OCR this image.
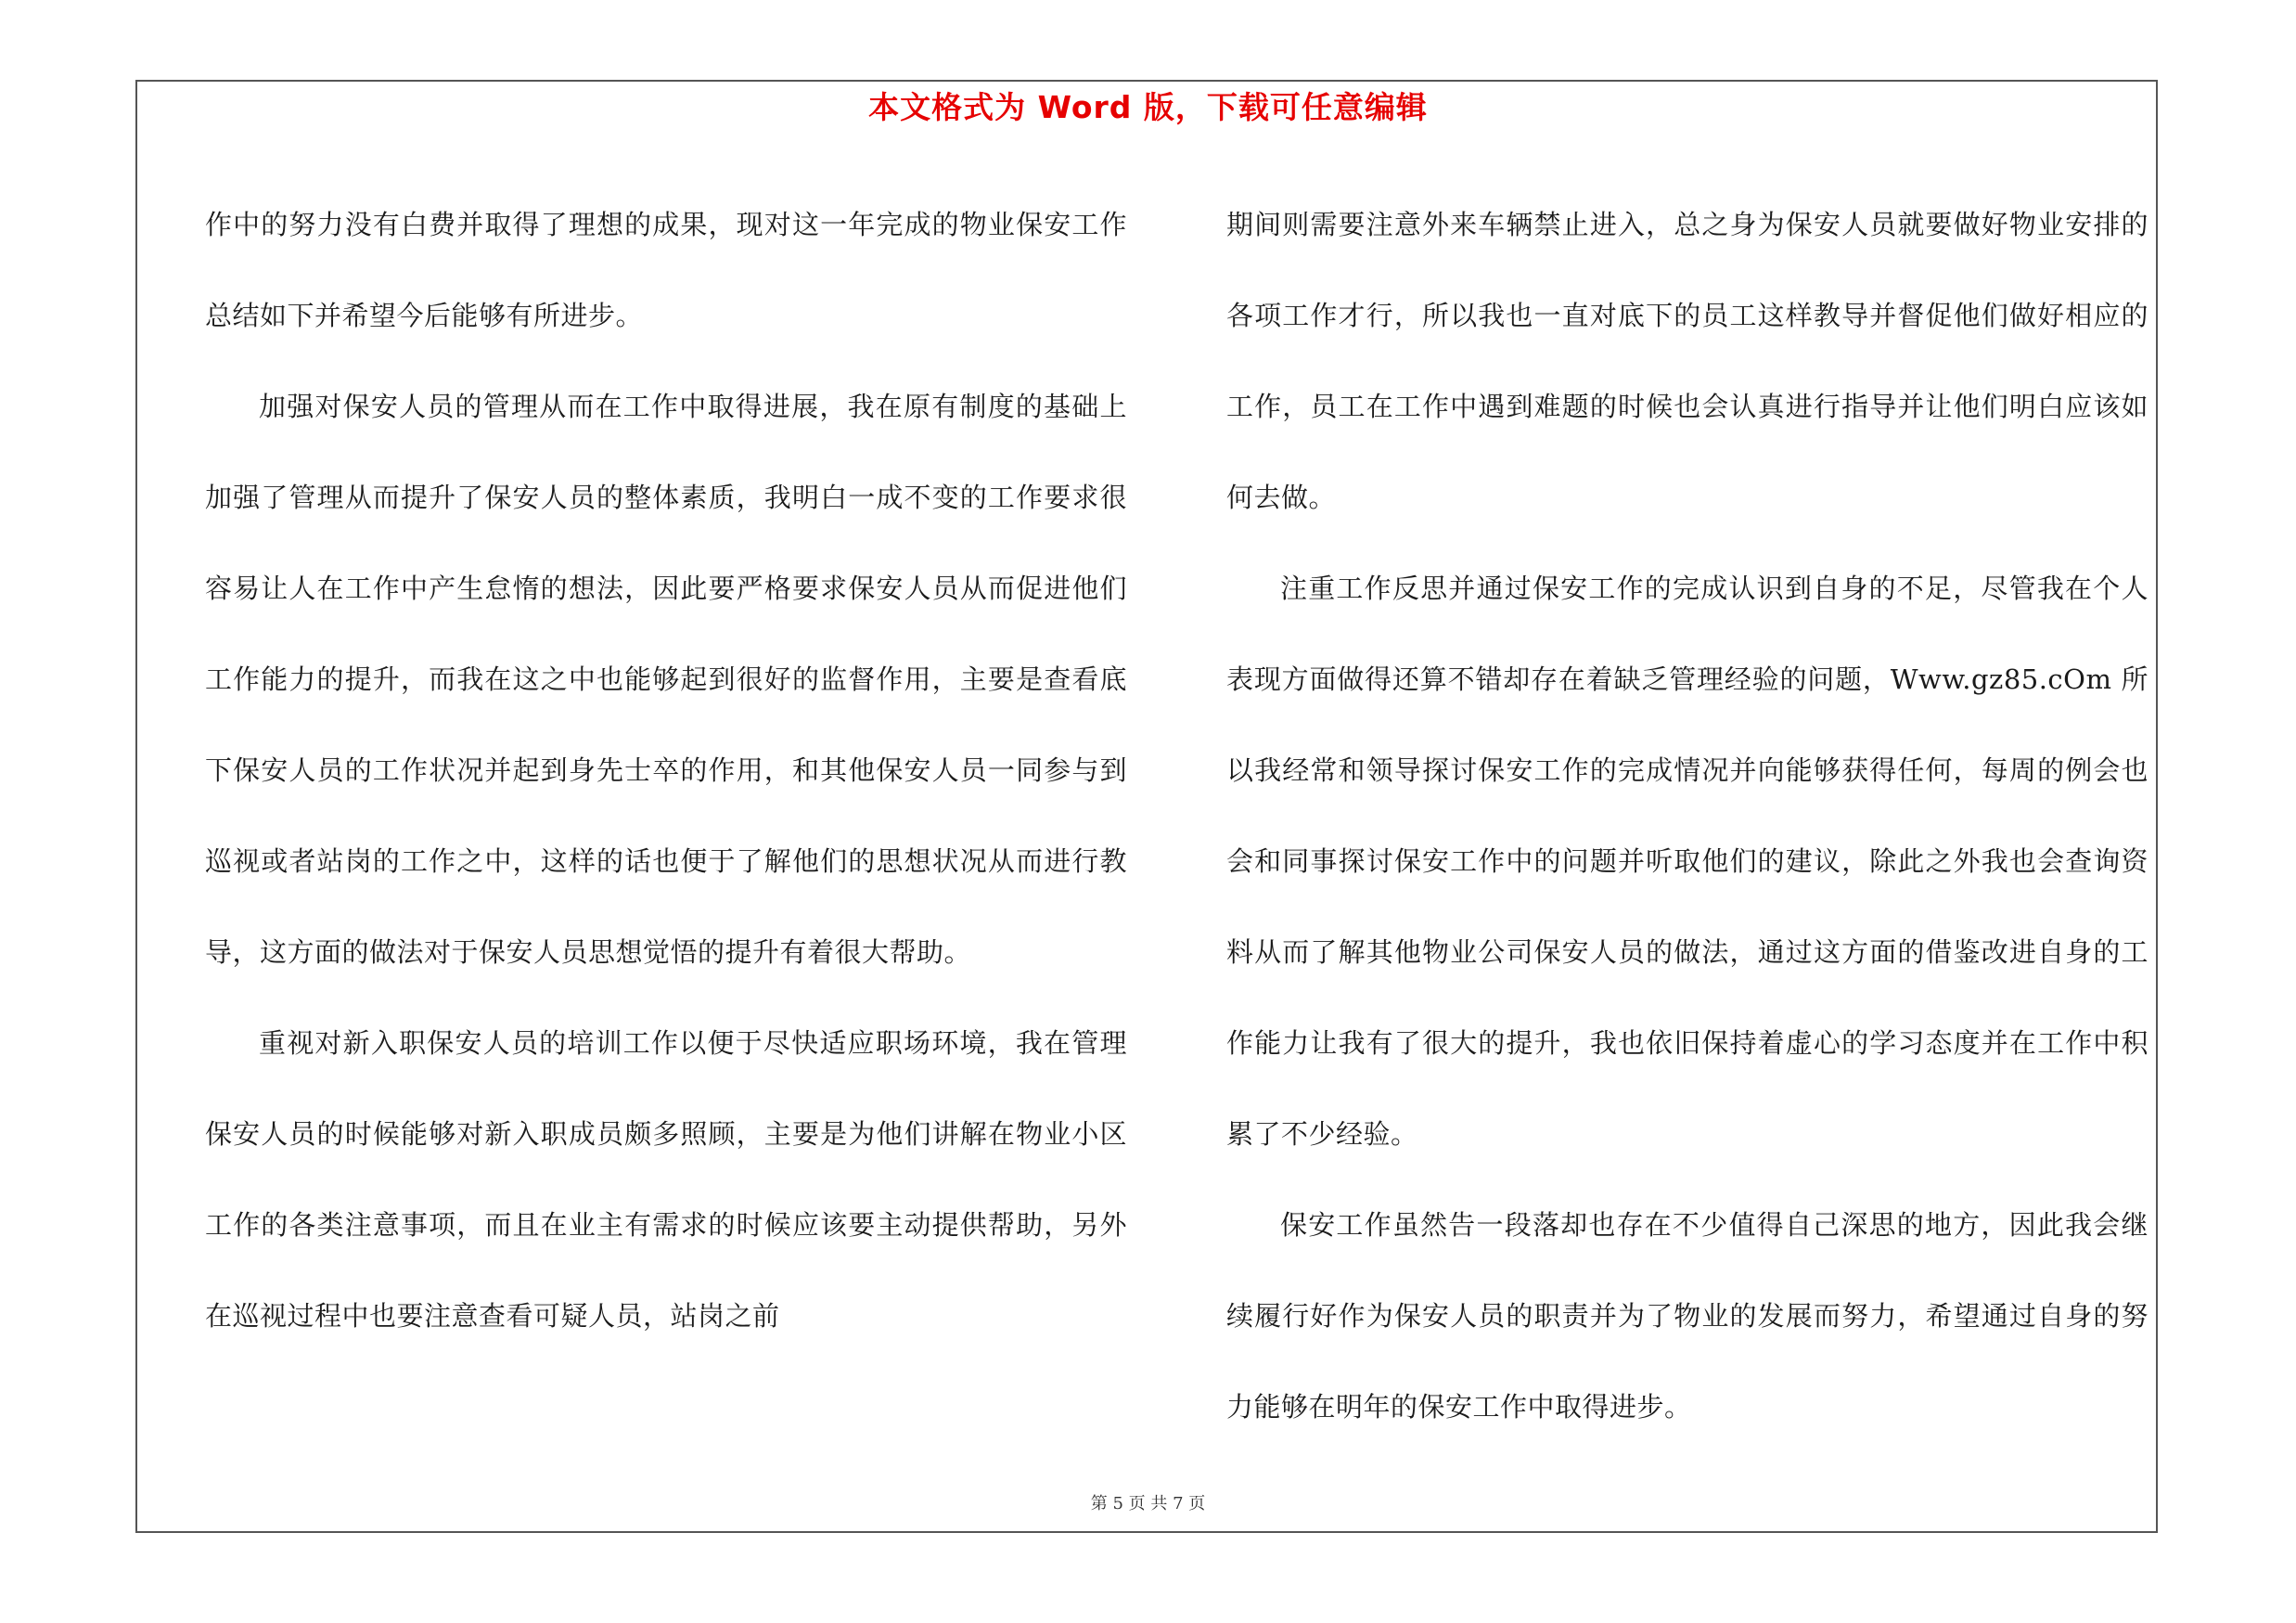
本文格式为 Word 版，下载可任意编辑

作中的努力没有白费并取得了理想的成果，现对这一年完成的物业保安工作总结如下并希望今后能够有所进步。

加强对保安人员的管理从而在工作中取得进展，我在原有制度的基础上加强了管理从而提升了保安人员的整体素质，我明白一成不变的工作要求很容易让人在工作中产生怠惰的想法，因此要严格要求保安人员从而促进他们工作能力的提升，而我在这之中也能够起到很好的监督作用，主要是查看底下保安人员的工作状况并起到身先士卒的作用，和其他保安人员一同参与到巡视或者站岗的工作之中，这样的话也便于了解他们的思想状况从而进行教导，这方面的做法对于保安人员思想觉悟的提升有着很大帮助。

重视对新入职保安人员的培训工作以便于尽快适应职场环境，我在管理保安人员的时候能够对新入职成员颇多照顾，主要是为他们讲解在物业小区工作的各类注意事项，而且在业主有需求的时候应该要主动提供帮助，另外在巡视过程中也要注意查看可疑人员，站岗之前

期间则需要注意外来车辆禁止进入，总之身为保安人员就要做好物业安排的各项工作才行，所以我也一直对底下的员工这样教导并督促他们做好相应的工作，员工在工作中遇到难题的时候也会认真进行指导并让他们明白应该如何去做。

注重工作反思并通过保安工作的完成认识到自身的不足，尽管我在个人表现方面做得还算不错却存在着缺乏管理经验的问题，Www.gz85.cOm 所以我经常和领导探讨保安工作的完成情况并向能够获得任何，每周的例会也会和同事探讨保安工作中的问题并听取他们的建议，除此之外我也会查询资料从而了解其他物业公司保安人员的做法，通过这方面的借鉴改进自身的工作能力让我有了很大的提升，我也依旧保持着虚心的学习态度并在工作中积累了不少经验。

保安工作虽然告一段落却也存在不少值得自己深思的地方，因此我会继续履行好作为保安人员的职责并为了物业的发展而努力，希望通过自身的努力能够在明年的保安工作中取得进步。

第 5 页 共 7 页
